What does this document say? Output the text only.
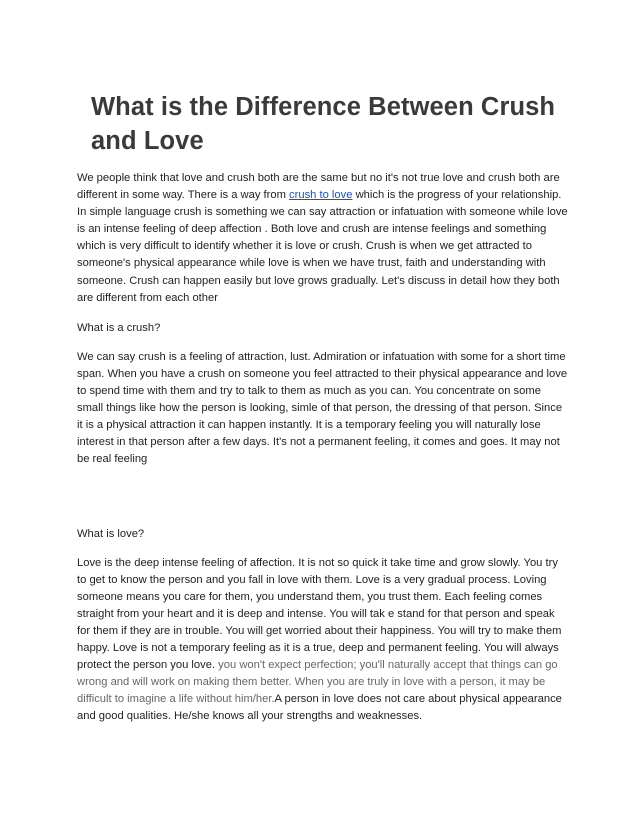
What is the Difference Between Crush and Love

We people think that love and crush both are the same but no it's not true love and crush both are different in some way. There is a way from crush to love which is the progress of your relationship. In simple language crush is something we can say attraction or infatuation with someone while love is an intense feeling of deep affection . Both love and crush are intense feelings and something which is very difficult to identify whether it is love or crush. Crush is when we get attracted to someone's physical appearance while love is when we have trust, faith and understanding with someone. Crush can happen easily but love grows gradually. Let's discuss in detail how they both are different from each other

What is a crush?

We can say crush is a feeling of attraction, lust. Admiration or infatuation with some for a short time span. When you have a crush on someone you feel attracted to their physical appearance and love to spend time with them and try to talk to them as much as you can. You concentrate on some small things like how the person is looking, simle of that person, the dressing of that person. Since it is a physical attraction it can happen instantly. It is a temporary feeling you will naturally lose interest in that person after a few days. It's not a permanent feeling, it comes and goes. It may not be real feeling

What is love?

Love is the deep intense feeling of affection. It is not so quick it take time and grow slowly. You try to get to know the person and you fall in love with them. Love is a very gradual process. Loving someone means you care for them, you understand them, you trust them. Each feeling comes straight from your heart and it is deep and intense. You will tak e stand for that person and speak for them if they are in trouble. You will get worried about their happiness. You will try to make them happy. Love is not a temporary feeling as it is a true, deep and permanent feeling. You will always protect the person you love. you won't expect perfection; you'll naturally accept that things can go wrong and will work on making them better. When you are truly in love with a person, it may be difficult to imagine a life without him/her.A person in love does not care about physical appearance and good qualities. He/she knows all your strengths and weaknesses.
